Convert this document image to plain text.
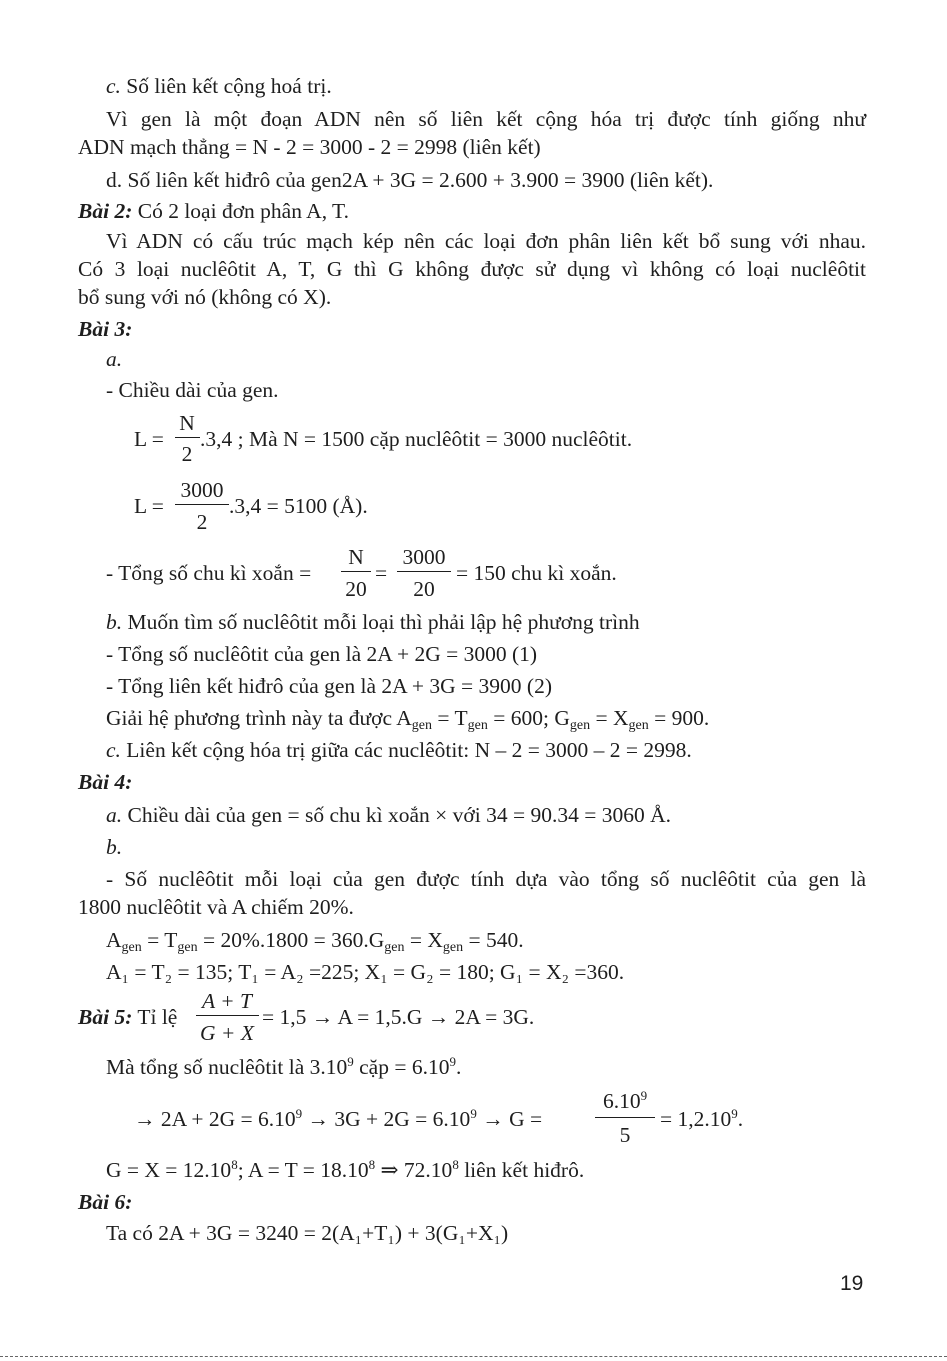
c. Số liên kết cộng hoá trị.
Vì gen là một đoạn ADN nên số liên kết cộng hóa trị được tính giống như
ADN mạch thẳng = N - 2 = 3000 - 2 = 2998 (liên kết)
d. Số liên kết hiđrô của gen2A + 3G = 2.600 + 3.900 = 3900 (liên kết).
Bài 2: Có 2 loại đơn phân A, T.
Vì ADN có cấu trúc mạch kép nên các loại đơn phân liên kết bổ sung với nhau.
Có 3 loại nuclêôtit A, T, G thì G không được sử dụng vì không có loại nuclêôtit
bổ sung với nó (không có X).
Bài 3:
a.
- Chiều dài của gen.
L =
N
2
.3,4 ; Mà N = 1500 cặp nuclêôtit = 3000 nuclêôtit.
L =
3000
2
.3,4 = 5100 (Å).
- Tổng số chu kì xoắn =
N
20
=
3000
20
= 150 chu kì xoắn.
b. Muốn tìm số nuclêôtit mỗi loại thì phải lập hệ phương trình
- Tổng số nuclêôtit của gen là 2A + 2G = 3000 (1)
- Tổng liên kết hiđrô của gen là 2A + 3G = 3900 (2)
Giải hệ phương trình này ta được $A_{gen} = T_{gen} = 600$; $G_{gen} = X_{gen} = 900$.
c. Liên kết cộng hóa trị giữa các nuclêôtit: N – 2 = 3000 – 2 = 2998.
Bài 4:
a. Chiều dài của gen = số chu kì xoắn × với 34 = 90.34 = 3060 Å.
b.
- Số nuclêôtit mỗi loại của gen được tính dựa vào tổng số nuclêôtit của gen là
1800 nuclêôtit và A chiếm 20%.
$A_{gen} = T_{gen} = 20\%.1800 = 360.G_{gen} = X_{gen} = 540$.
A₁ = T₂ = 135; T₁ = A₂ =225; X₁ = G₂ = 180; G₁ = X₂ =360.
Bài 5: Tỉ lệ
A + T
G + X
= 1,5 → A = 1,5.G → 2A = 3G.
Mà tổng số nuclêôtit là 3.10$^9$ cặp = $6.10^9$.
→ $2A + 2G = 6.10^9 \to 3G + 2G = 6.10^9 \to G$ =
$6.10^9$
5
= $1,2.10^9$.
$G = X = 12.10^8$; $A = T = 18.10^8$ ⇒ 72.10$^8$ liên kết hiđrô.
Bài 6:
Ta có 2A + 3G = 3240 = 2(A₁+T₁) + 3(G₁+X₁)
19
